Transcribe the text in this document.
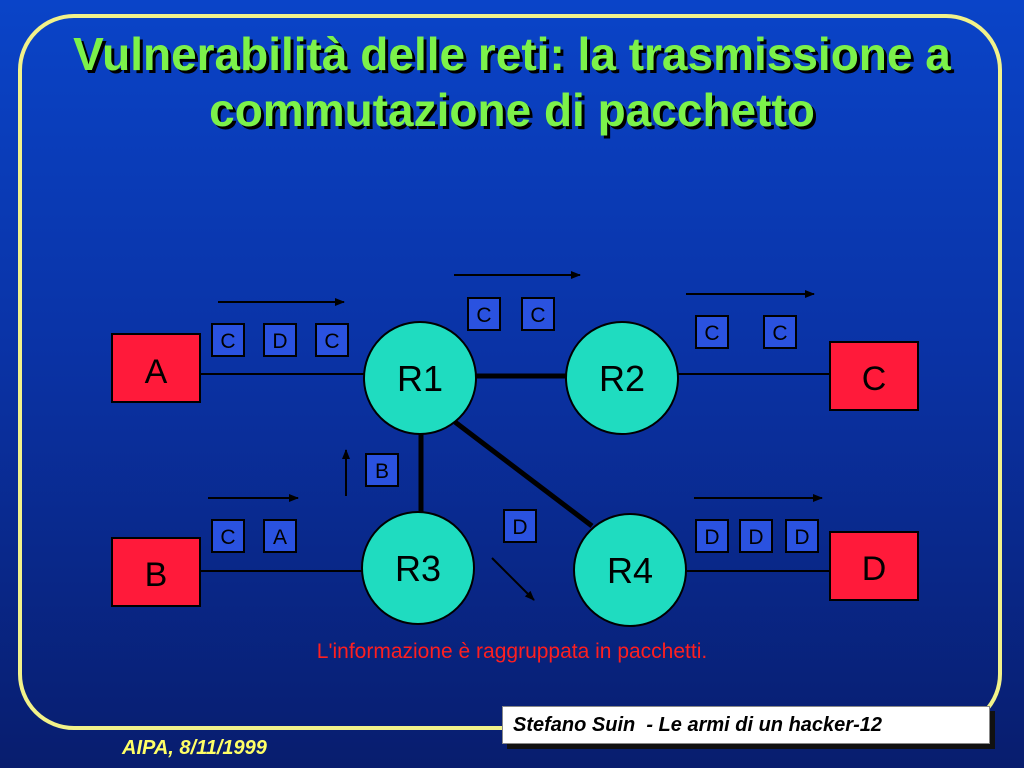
Vulnerabilità delle reti: la trasmissione a commutazione di pacchetto
A
B
C
D
R1	R2
R3	R4
C D C
C C
C	C
B
C A	D	D D D
L'informazione è raggruppata in pacchetti.
Stefano Suin  - Le armi di un hacker-12
AIPA, 8/11/1999
